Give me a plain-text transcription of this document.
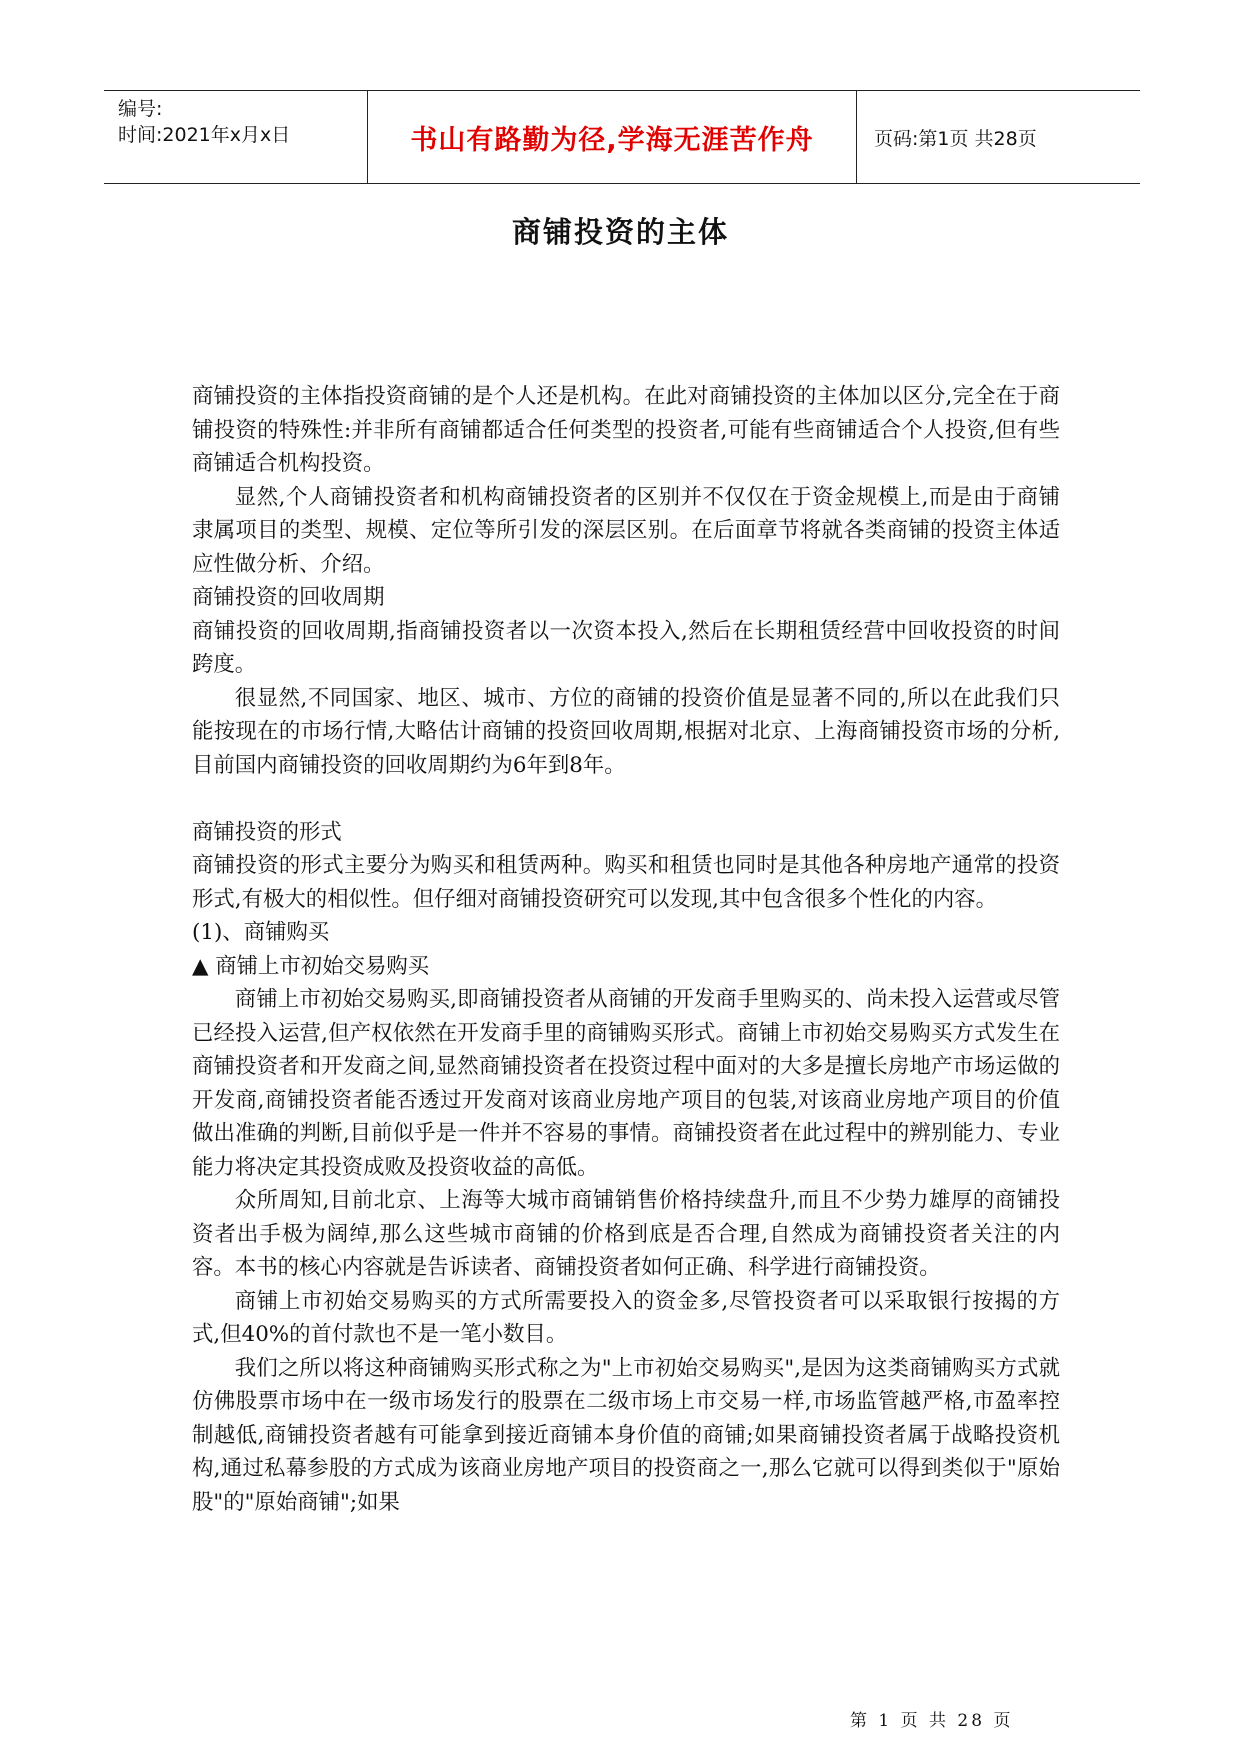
编号:
时间:2021年x月x日	书山有路勤为径,学海无涯苦作舟	页码:第1页 共28页
商铺投资的主体

商铺投资的主体指投资商铺的是个人还是机构。在此对商铺投资的主体加以区分,完全在于商铺投资的特殊性:并非所有商铺都适合任何类型的投资者,可能有些商铺适合个人投资,但有些商铺适合机构投资。

显然,个人商铺投资者和机构商铺投资者的区别并不仅仅在于资金规模上,而是由于商铺隶属项目的类型、规模、定位等所引发的深层区别。在后面章节将就各类商铺的投资主体适应性做分析、介绍。

商铺投资的回收周期

商铺投资的回收周期,指商铺投资者以一次资本投入,然后在长期租赁经营中回收投资的时间跨度。

很显然,不同国家、地区、城市、方位的商铺的投资价值是显著不同的,所以在此我们只能按现在的市场行情,大略估计商铺的投资回收周期,根据对北京、上海商铺投资市场的分析,目前国内商铺投资的回收周期约为6年到8年。

商铺投资的形式

商铺投资的形式主要分为购买和租赁两种。购买和租赁也同时是其他各种房地产通常的投资形式,有极大的相似性。但仔细对商铺投资研究可以发现,其中包含很多个性化的内容。

(1)、商铺购买

▲ 商铺上市初始交易购买

商铺上市初始交易购买,即商铺投资者从商铺的开发商手里购买的、尚未投入运营或尽管已经投入运营,但产权依然在开发商手里的商铺购买形式。商铺上市初始交易购买方式发生在商铺投资者和开发商之间,显然商铺投资者在投资过程中面对的大多是擅长房地产市场运做的开发商,商铺投资者能否透过开发商对该商业房地产项目的包装,对该商业房地产项目的价值做出准确的判断,目前似乎是一件并不容易的事情。商铺投资者在此过程中的辨别能力、专业能力将决定其投资成败及投资收益的高低。

众所周知,目前北京、上海等大城市商铺销售价格持续盘升,而且不少势力雄厚的商铺投资者出手极为阔绰,那么这些城市商铺的价格到底是否合理,自然成为商铺投资者关注的内容。本书的核心内容就是告诉读者、商铺投资者如何正确、科学进行商铺投资。

商铺上市初始交易购买的方式所需要投入的资金多,尽管投资者可以采取银行按揭的方式,但40%的首付款也不是一笔小数目。

我们之所以将这种商铺购买形式称之为"上市初始交易购买",是因为这类商铺购买方式就仿佛股票市场中在一级市场发行的股票在二级市场上市交易一样,市场监管越严格,市盈率控制越低,商铺投资者越有可能拿到接近商铺本身价值的商铺;如果商铺投资者属于战略投资机构,通过私幕参股的方式成为该商业房地产项目的投资商之一,那么它就可以得到类似于"原始股"的"原始商铺";如果

第 1 页 共 28 页
